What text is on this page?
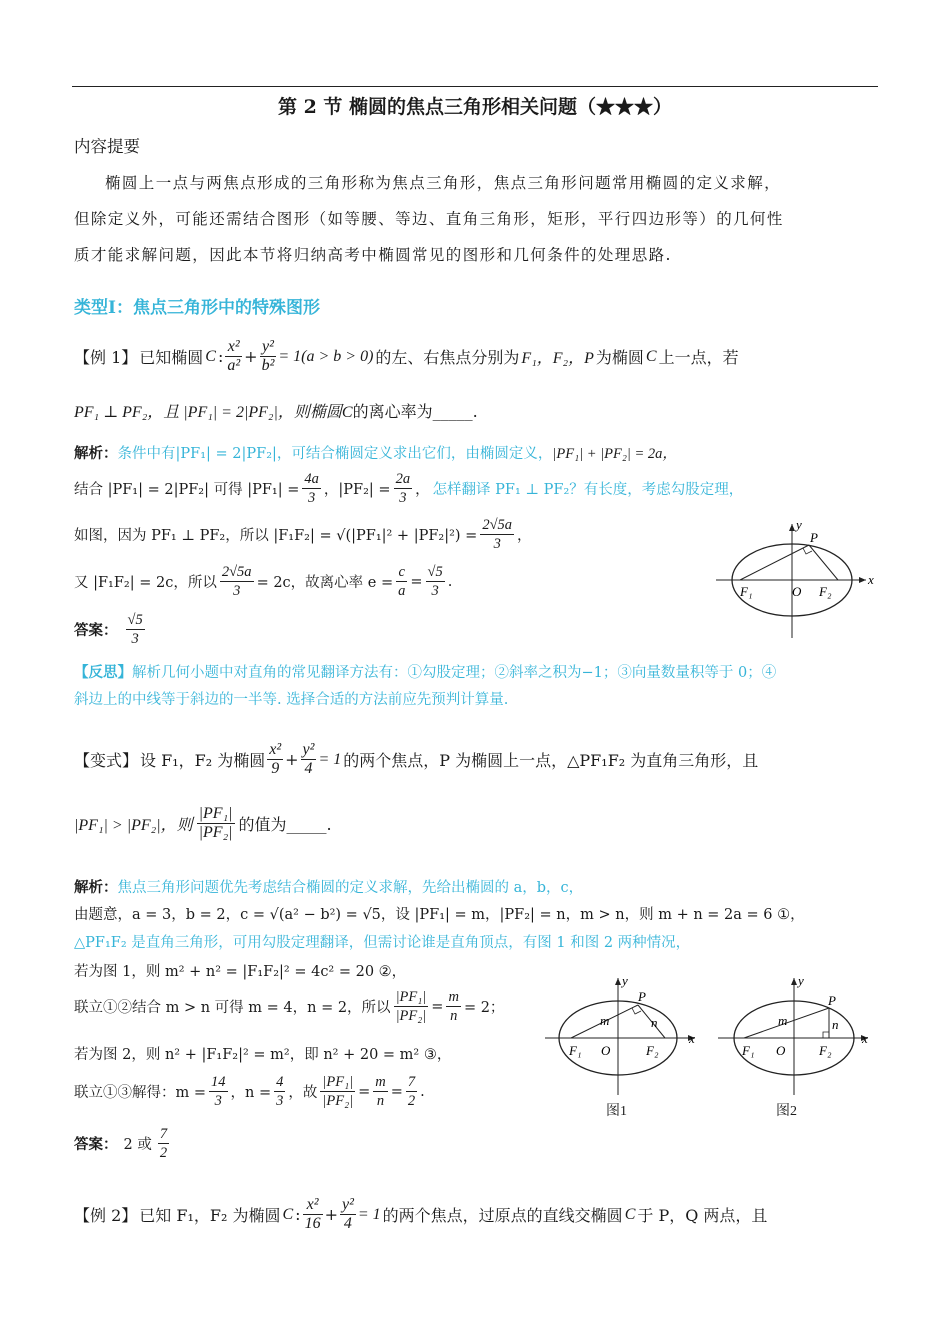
第 2 节 椭圆的焦点三角形相关问题（★★★）
内容提要
椭圆上一点与两焦点形成的三角形称为焦点三角形，焦点三角形问题常用椭圆的定义求解，
但除定义外，可能还需结合图形（如等腰、等边、直角三角形，矩形，平行四边形等）的几何性
质才能求解问题，因此本节将归纳高考中椭圆常见的图形和几何条件的处理思路.
类型Ⅰ：焦点三角形中的特殊图形
【例 1】 已知椭圆 C : $\frac{\text{x²}}{\text{a²}} + \frac{\text{y²}}{\text{b²}} = 1(a > b > 0)$ 的左、右焦点分别为 F₁，F₂，P 为椭圆 C 上一点，若
PF₁ ⊥ PF₂，且 |PF₁| = 2|PF₂|，则椭圆C的离心率为_____.
解析：条件中有|PF₁| = 2|PF₂|，可结合椭圆定义求出它们，由椭圆定义，|PF₁| + |PF₂| = 2a，
结合 |PF₁| = 2|PF₂| 可得 $|PF_1| = \frac{4a}{3}$ ，$|PF_2| = \frac{2a}{3}$ ， 怎样翻译 PF₁ ⊥ PF₂？有长度，考虑勾股定理，
如图，因为 PF₁ ⊥ PF₂，所以 $|F_1F_2| = √(|PF_1|^2 + |PF_2|^2) = \frac{2√5a}{3}$ ，
又 |F₁F₂| = 2c，所以 $\frac{2√5a}{3} = 2c$，故离心率 $e = \frac{c}{a} = \frac{√5}{3}$ .
答案： $\frac{√5}{3}$
y
x
P
O
F₁	F₂
【反思】解析几何小题中对直角的常见翻译方法有：①勾股定理；②斜率之积为−1；③向量数量积等于 0；④
斜边上的中线等于斜边的一半等. 选择合适的方法前应先预判计算量.
【变式】 设 F₁，F₂ 为椭圆 $\frac{\text{x²}}{9} + \frac{\text{y²}}{4} = 1$ 的两个焦点，P 为椭圆上一点，△PF₁F₂ 为直角三角形，且
|PF₁| > |PF₂|，则 $\frac{\text{|PF₁|}}{\text{|PF₂|}}$ 的值为_____.
解析：焦点三角形问题优先考虑结合椭圆的定义求解，先给出椭圆的 a，b，c，
由题意，a = 3，b = 2，c = √(a² − b²) = √5，设 |PF₁| = m，|PF₂| = n，m > n，则 m + n = 2a = 6 ①，
△PF₁F₂ 是直角三角形，可用勾股定理翻译，但需讨论谁是直角顶点，有图 1 和图 2 两种情况，
若为图 1，则 m² + n² = |F₁F₂|² = 4c² = 20 ②，
联立①②结合 m > n 可得 m = 4，n = 2，所以 $\frac{\text{|PF₁|}}{\text{|PF₂|}} = \frac{m}{n} = 2$；
若为图 2，则 n² + |F₁F₂|² = m²，即 n² + 20 = m² ③，
联立①③解得：$m = \frac{14}{3}$ ，$n = \frac{4}{3}$ ，故 $\frac{\text{|PF₁|}}{\text{|PF₂|}} = \frac{m}{n} = \frac{7}{2}$ .
答案： 2 或 $\frac{7}{2}$
y
x
P
m	n
O
F₁	F₂
图1
y
x
P
m	n
O
F₁	F₂
图2
【例 2】 已知 F₁，F₂ 为椭圆 C : $\frac{\text{x²}}{16} + \frac{\text{y²}}{4} = 1$ 的两个焦点，过原点的直线交椭圆 C 于 P，Q 两点，且
